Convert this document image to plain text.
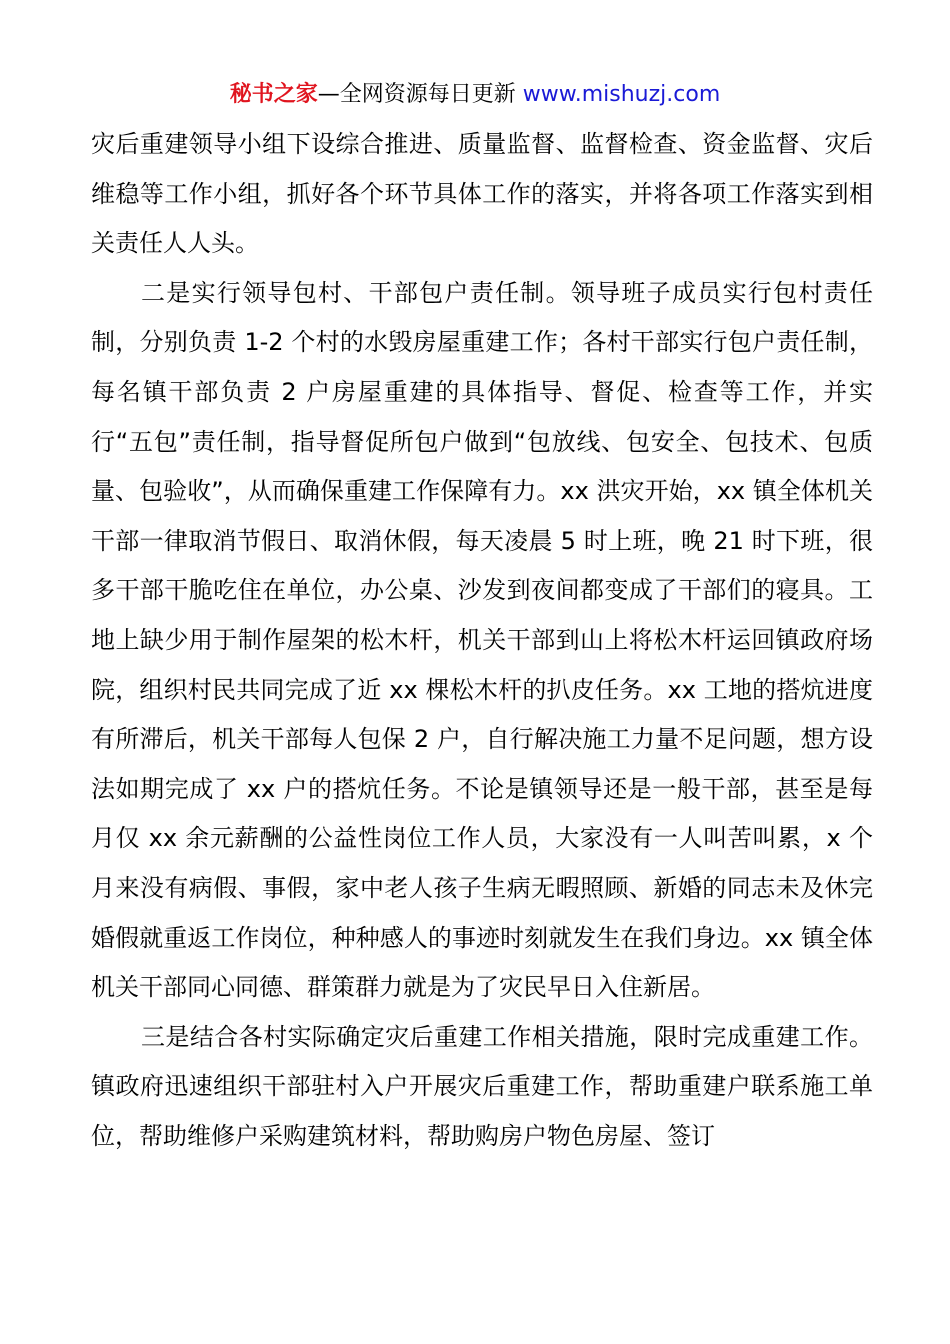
秘书之家—全网资源每日更新 www.mishuzj.com

灾后重建领导小组下设综合推进、质量监督、监督检查、资金监督、灾后维稳等工作小组，抓好各个环节具体工作的落实，并将各项工作落实到相关责任人人头。

二是实行领导包村、干部包户责任制。领导班子成员实行包村责任制，分别负责 1-2 个村的水毁房屋重建工作；各村干部实行包户责任制，每名镇干部负责 2 户房屋重建的具体指导、督促、检查等工作，并实行“五包”责任制，指导督促所包户做到“包放线、包安全、包技术、包质量、包验收”，从而确保重建工作保障有力。xx 洪灾开始，xx 镇全体机关干部一律取消节假日、取消休假，每天凌晨 5 时上班，晚 21 时下班，很多干部干脆吃住在单位，办公桌、沙发到夜间都变成了干部们的寝具。工地上缺少用于制作屋架的松木杆，机关干部到山上将松木杆运回镇政府场院，组织村民共同完成了近 xx 棵松木杆的扒皮任务。xx 工地的搭炕进度有所滞后，机关干部每人包保 2 户，自行解决施工力量不足问题，想方设法如期完成了 xx 户的搭炕任务。不论是镇领导还是一般干部，甚至是每月仅 xx 余元薪酬的公益性岗位工作人员，大家没有一人叫苦叫累，x 个月来没有病假、事假，家中老人孩子生病无暇照顾、新婚的同志未及休完婚假就重返工作岗位，种种感人的事迹时刻就发生在我们身边。xx 镇全体机关干部同心同德、群策群力就是为了灾民早日入住新居。

三是结合各村实际确定灾后重建工作相关措施，限时完成重建工作。镇政府迅速组织干部驻村入户开展灾后重建工作，帮助重建户联系施工单位，帮助维修户采购建筑材料，帮助购房户物色房屋、签订
